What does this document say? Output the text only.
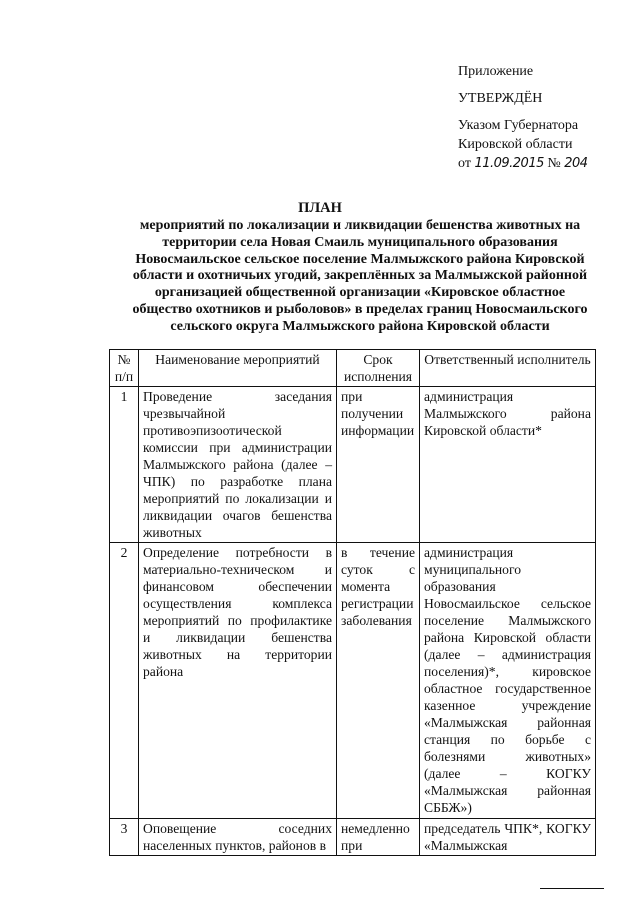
Приложение
УТВЕРЖДЁН
Указом Губернатора
Кировской области
от 11.09.2015 № 204
ПЛАН
мероприятий по локализации и ликвидации бешенства животных на территории села Новая Смаиль муниципального образования Новосмаильское сельское поселение Малмыжского района Кировской области и охотничьих угодий, закреплённых за Малмыжской районной организацией общественной организации «Кировское областное общество охотников и рыболовов» в пределах границ Новосмаильского сельского округа Малмыжского района Кировской области
№ п/п	Наименование мероприятий	Срок исполнения	Ответственный исполнитель
1	Проведение заседания чрезвычайной противоэпизоотической комиссии при администрации Малмыжского района (далее – ЧПК) по разработке плана мероприятий по локализации и ликвидации очагов бешенства животных	при получении информации	администрация Малмыжского района Кировской области*
2	Определение потребности в материально-техническом и финансовом обеспечении осуществления комплекса мероприятий по профилактике и ликвидации бешенства животных на территории района	в течение суток с момента регистрации заболевания	администрация муниципального образования Новосмаильское сельское поселение Малмыжского района Кировской области (далее – администрация поселения)*, кировское областное государственное казенное учреждение «Малмыжская районная станция по борьбе с болезнями животных» (далее – КОГКУ «Малмыжская районная СББЖ»)
3	Оповещение соседних населенных пунктов, районов в	немедленно при	председатель ЧПК*, КОГКУ «Малмыжская
